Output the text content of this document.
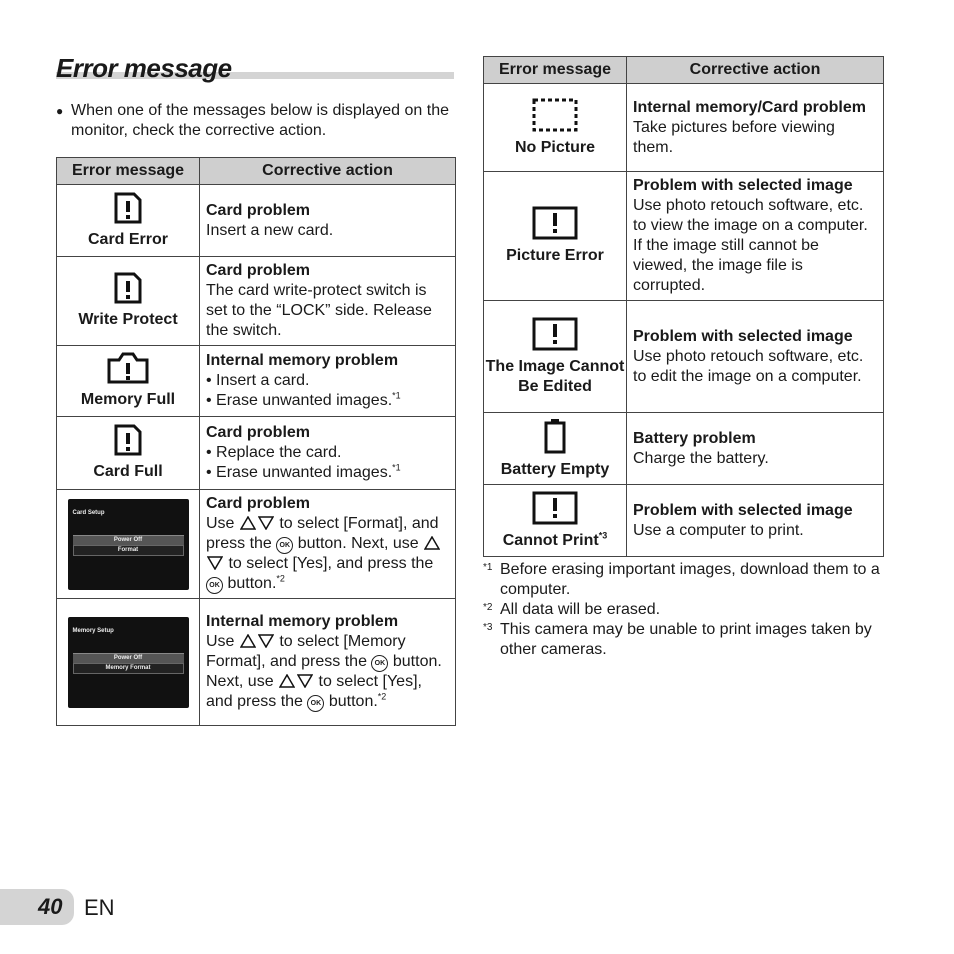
Error message
● When one of the messages below is displayed on the monitor, check the corrective action.
Error message	Corrective action

Card Error	Card problem
Insert a new card.

Write Protect	Card problem
The card write-protect switch is set to the “LOCK” side. Release the switch.

Memory Full	Internal memory problem
• Insert a card.
• Erase unwanted images.$^{*1}$

Card Full	Card problem
• Replace the card.
• Erase unwanted images.$^{*1}$

Card Setup
Power Off
Format	Card problem
Use to select [Format], and press the OK button. Next, use  to select [Yes], and press the OK button.$^{*2}$

Memory Setup
Power Off
Memory Format	Internal memory problem
Use to select [Memory Format], and press the OK button. Next, use to select [Yes], and press the OK button.$^{*2}$
Error message	Corrective action

No Picture	Internal memory/Card problem
Take pictures before viewing them.

Picture Error	Problem with selected image
Use photo retouch software, etc. to view the image on a computer. If the image still cannot be viewed, the image file is corrupted.

The Image Cannot Be Edited	Problem with selected image
Use photo retouch software, etc. to edit the image on a computer.

Battery Empty	Battery problem
Charge the battery.

Cannot Print$^{*3}$	Problem with selected image
Use a computer to print.
*1 Before erasing important images, download them to a computer.
*2 All data will be erased.
*3 This camera may be unable to print images taken by other cameras.
40 EN
